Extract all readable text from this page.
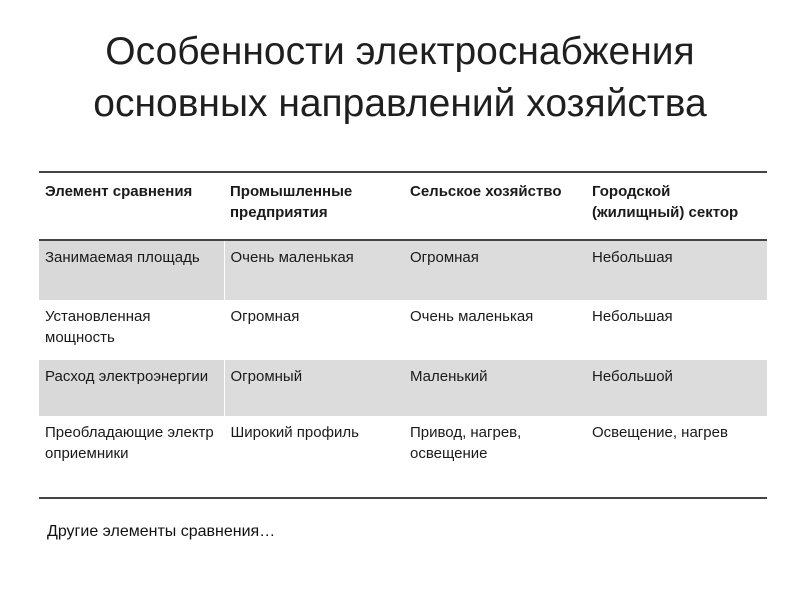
Особенности электроснабжения
основных направлений хозяйства
Элемент сравнения	Промышленные предприятия	Сельское хозяйство	Городской (жилищный) сектор
Занимаемая площадь	Очень маленькая	Огромная	Небольшая
Установленная мощность	Огромная	Очень маленькая	Небольшая
Расход электроэнергии	Огромный	Маленький	Небольшой
Преобладающие электроприемники	Широкий профиль	Привод, нагрев, освещение	Освещение, нагрев
Другие элементы сравнения…
